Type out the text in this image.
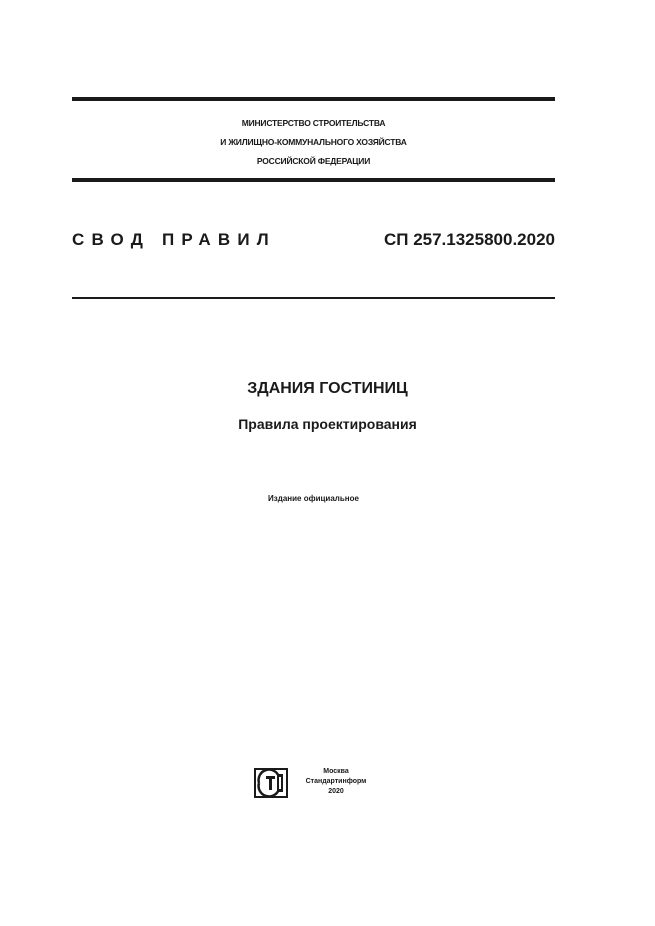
МИНИСТЕРСТВО СТРОИТЕЛЬСТВА
И ЖИЛИЩНО-КОММУНАЛЬНОГО ХОЗЯЙСТВА
РОССИЙСКОЙ ФЕДЕРАЦИИ
СВОД ПРАВИЛ	СП 257.1325800.2020
ЗДАНИЯ ГОСТИНИЦ
Правила проектирования
Издание официальное
Москва
Стандартинформ
2020
